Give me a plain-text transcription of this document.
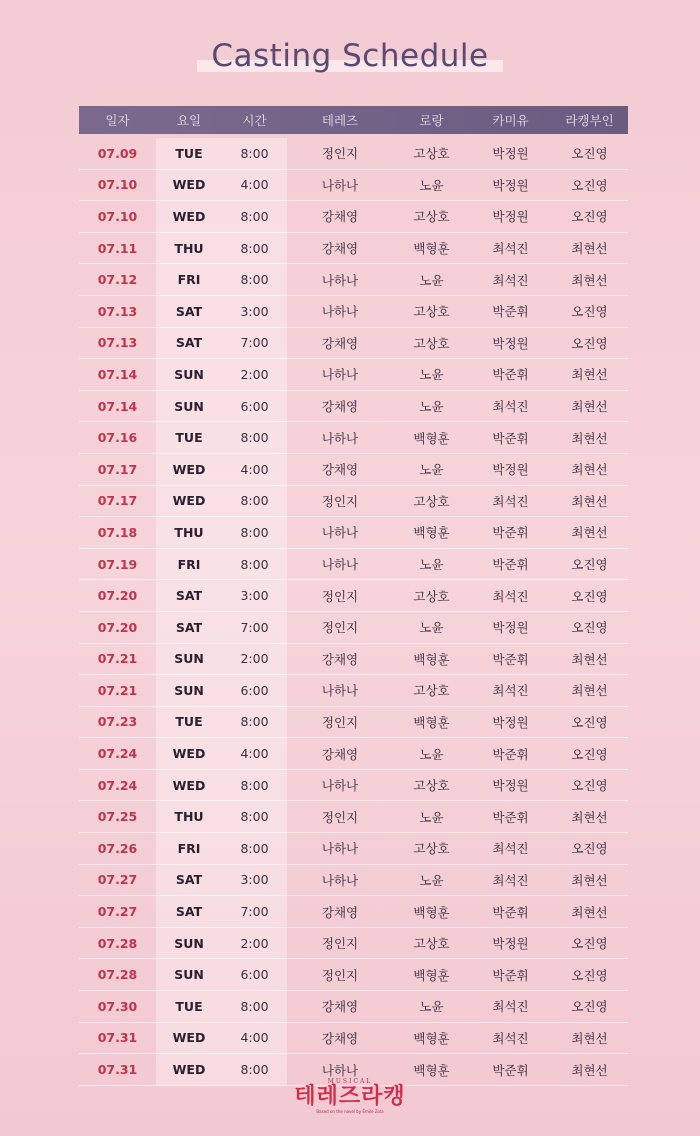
Casting Schedule
일자	요일	시간	테레즈	로랑	카미유	라캥부인
07.09	TUE	8:00	정인지	고상호	박정원	오진영
07.10	WED	4:00	나하나	노윤	박정원	오진영
07.10	WED	8:00	강채영	고상호	박정원	오진영
07.11	THU	8:00	강채영	백형훈	최석진	최현선
07.12	FRI	8:00	나하나	노윤	최석진	최현선
07.13	SAT	3:00	나하나	고상호	박준휘	오진영
07.13	SAT	7:00	강채영	고상호	박정원	오진영
07.14	SUN	2:00	나하나	노윤	박준휘	최현선
07.14	SUN	6:00	강채영	노윤	최석진	최현선
07.16	TUE	8:00	나하나	백형훈	박준휘	최현선
07.17	WED	4:00	강채영	노윤	박정원	최현선
07.17	WED	8:00	정인지	고상호	최석진	최현선
07.18	THU	8:00	나하나	백형훈	박준휘	최현선
07.19	FRI	8:00	나하나	노윤	박준휘	오진영
07.20	SAT	3:00	정인지	고상호	최석진	오진영
07.20	SAT	7:00	정인지	노윤	박정원	오진영
07.21	SUN	2:00	강채영	백형훈	박준휘	최현선
07.21	SUN	6:00	나하나	고상호	최석진	최현선
07.23	TUE	8:00	정인지	백형훈	박정원	오진영
07.24	WED	4:00	강채영	노윤	박준휘	오진영
07.24	WED	8:00	나하나	고상호	박정원	오진영
07.25	THU	8:00	정인지	노윤	박준휘	최현선
07.26	FRI	8:00	나하나	고상호	최석진	오진영
07.27	SAT	3:00	나하나	노윤	최석진	최현선
07.27	SAT	7:00	강채영	백형훈	박준휘	최현선
07.28	SUN	2:00	정인지	고상호	박정원	오진영
07.28	SUN	6:00	정인지	백형훈	박준휘	오진영
07.30	TUE	8:00	강채영	노윤	최석진	오진영
07.31	WED	4:00	강채영	백형훈	최석진	최현선
07.31	WED	8:00	나하나	백형훈	박준휘	최현선
MUSICAL
테레즈라캥
Based on the novel by Émile Zola
